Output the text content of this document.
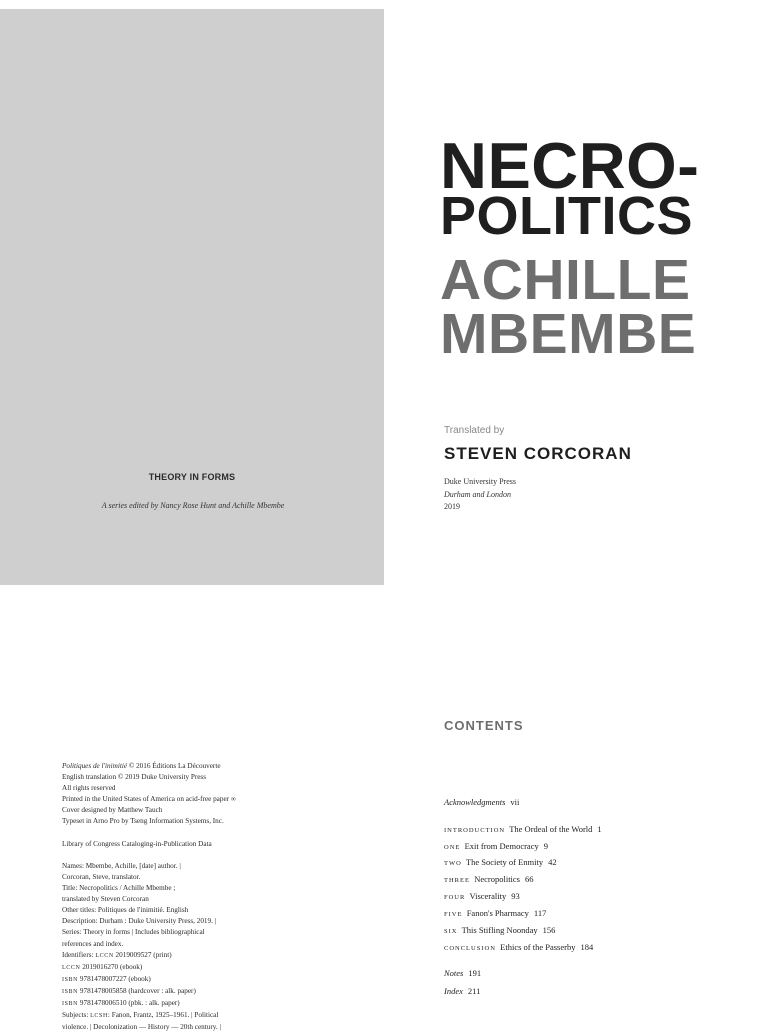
THEORY IN FORMS
A series edited by Nancy Rose Hunt and Achille Mbembe
NECRO-
POLITICS
ACHILLE
MBEMBE
Translated by
STEVEN CORCORAN
Duke University Press
Durham and London
2019
CONTENTS
Acknowledgments vii
INTRODUCTION The Ordeal of the World 1
ONE Exit from Democracy 9
TWO The Society of Enmity 42
THREE Necropolitics 66
FOUR Viscerality 93
FIVE Fanon's Pharmacy 117
SIX This Stifling Noonday 156
CONCLUSION Ethics of the Passerby 184
Notes 191
Index 211
Politiques de l'inimitié © 2016 Éditions La Découverte
English translation © 2019 Duke University Press
All rights reserved
Printed in the United States of America on acid-free paper ∞
Cover designed by Matthew Tauch
Typeset in Arno Pro by Tseng Information Systems, Inc.
Library of Congress Cataloging-in-Publication Data
Names: Mbembe, Achille, [date] author. |
Corcoran, Steve, translator.
Title: Necropolitics / Achille Mbembe ;
translated by Steven Corcoran
Other titles: Politiques de l'inimitié. English
Description: Durham : Duke University Press, 2019. |
Series: Theory in forms | Includes bibliographical
references and index.
Identifiers: LCCN 2019009527 (print)
LCCN 2019016270 (ebook)
ISBN 9781478007227 (ebook)
ISBN 9781478005858 (hardcover : alk. paper)
ISBN 9781478006510 (pbk. : alk. paper)
Subjects: LCSH: Fanon, Frantz, 1925–1961. | Political
violence. | Decolonization — History — 20th century. |
